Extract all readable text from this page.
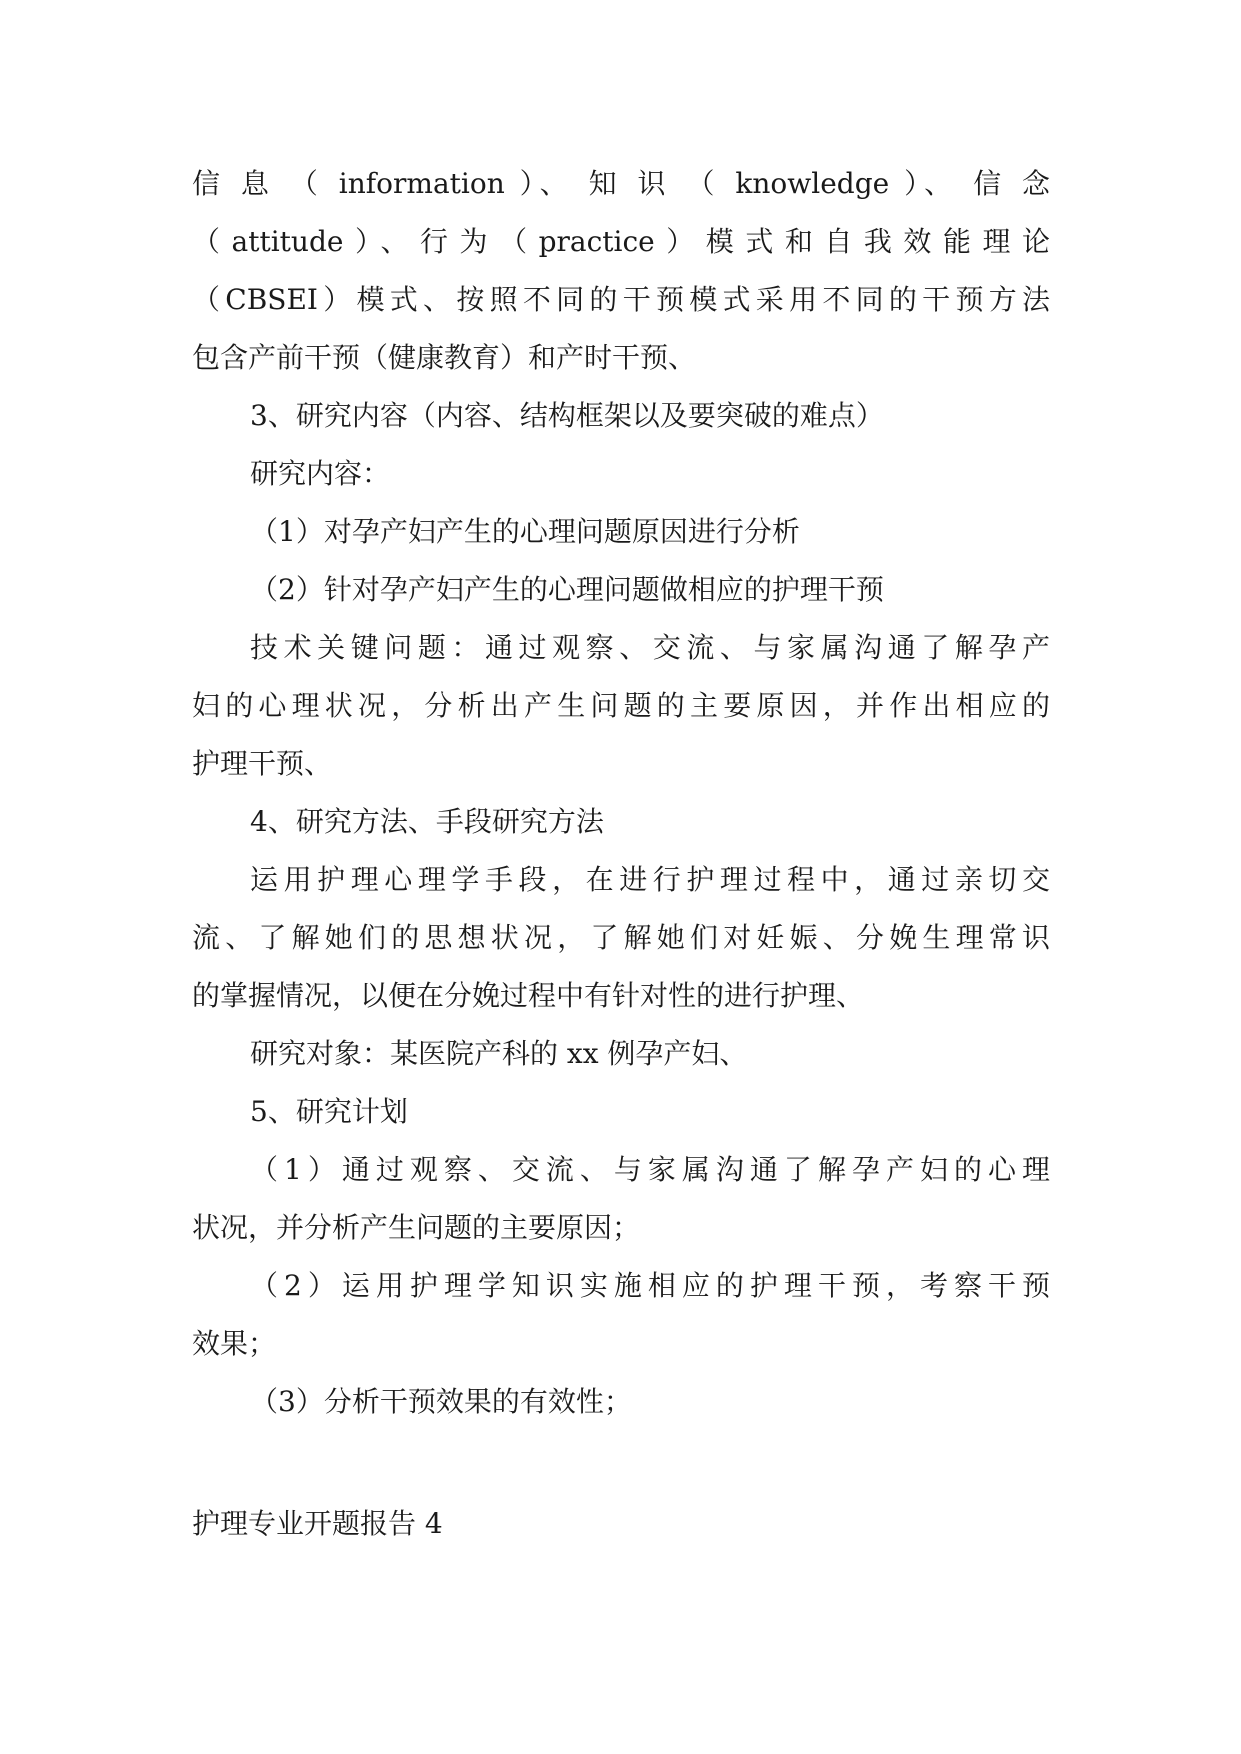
信 息 （ information ）、 知 识 （ knowledge ）、 信 念
（attitude）、行为（practice）模式和自我效能理论
（CBSEI）模式、按照不同的干预模式采用不同的干预方法
包含产前干预（健康教育）和产时干预、
3、研究内容（内容、结构框架以及要突破的难点）
研究内容：
（1）对孕产妇产生的心理问题原因进行分析
（2）针对孕产妇产生的心理问题做相应的护理干预
技术关键问题：通过观察、交流、与家属沟通了解孕产
妇的心理状况，分析出产生问题的主要原因，并作出相应的
护理干预、
4、研究方法、手段研究方法
运用护理心理学手段，在进行护理过程中，通过亲切交
流、了解她们的思想状况，了解她们对妊娠、分娩生理常识
的掌握情况，以便在分娩过程中有针对性的进行护理、
研究对象：某医院产科的 xx 例孕产妇、
5、研究计划
（1）通过观察、交流、与家属沟通了解孕产妇的心理
状况，并分析产生问题的主要原因；
（2）运用护理学知识实施相应的护理干预，考察干预
效果；
（3）分析干预效果的有效性；
护理专业开题报告 4
